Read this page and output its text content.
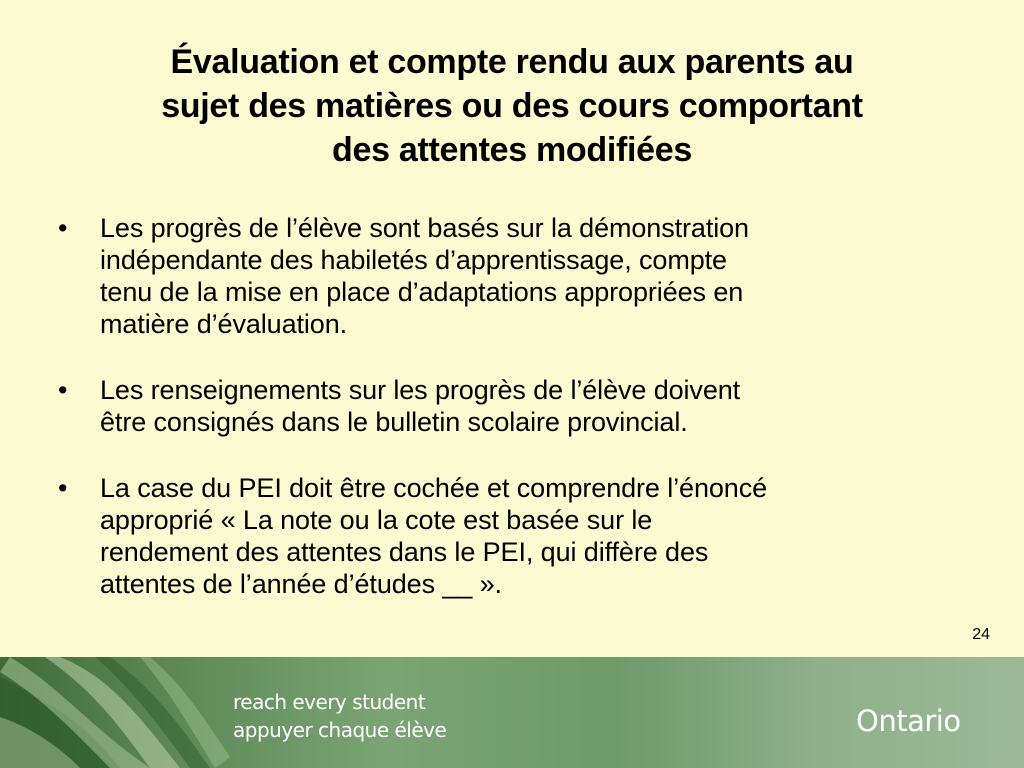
Évaluation et compte rendu aux parents au
sujet des matières ou des cours comportant
des attentes modifiées
•	Les progrès de l’élève sont basés sur la démonstration
indépendante des habiletés d’apprentissage, compte
tenu de la mise en place d’adaptations appropriées en
matière d’évaluation.
•	Les renseignements sur les progrès de l’élève doivent
être consignés dans le bulletin scolaire provincial.
•	La case du PEI doit être cochée et comprendre l’énoncé
approprié « La note ou la cote est basée sur le
rendement des attentes dans le PEI, qui diffère des
attentes de l’année d’études __ ».
24
Ontario
reach every student
appuyer chaque élève
